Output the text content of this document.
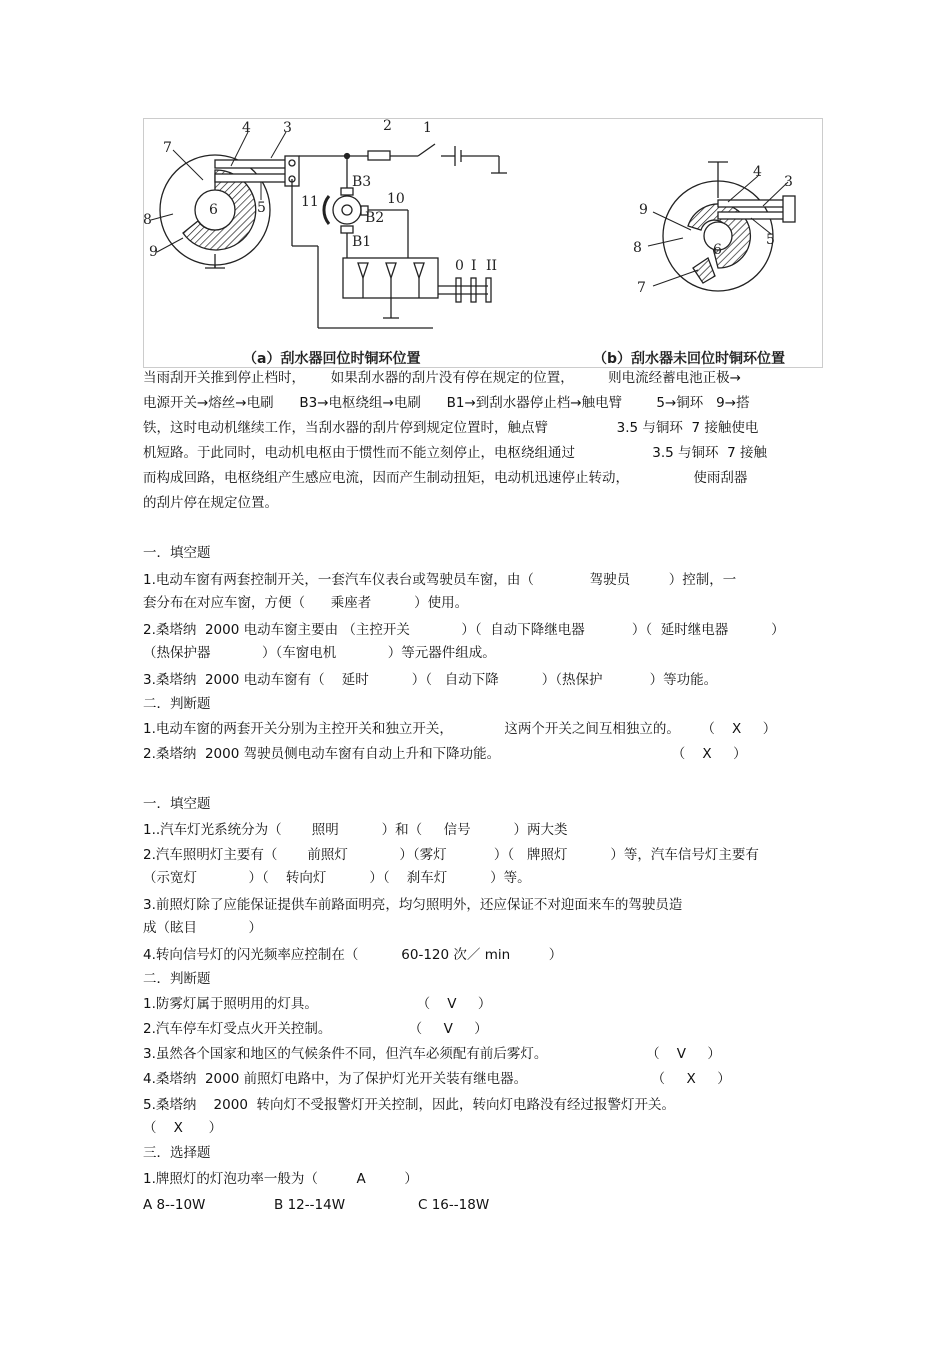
7
4 3	2 1
6	5
8
9
10
11
B3
B2
B1
0 I II
4
3
5
6
9
8
7
（a）刮水器回位时铜环位置	（b）刮水器未回位时铜环位置
当雨刮开关推到停止档时，      如果刮水器的刮片没有停在规定的位置，        则电流经蓄电池正极→
电源开关→熔丝→电刷      B3→电枢绕组→电刷      B1→到刮水器停止档→触电臂        5→铜环   9→搭
铁，这时电动机继续工作，当刮水器的刮片停到规定位置时，触点臂                3.5 与铜环  7 接触使电
机短路。于此同时，电动机电枢由于惯性而不能立刻停止，电枢绕组通过                  3.5 与铜环  7 接触
而构成回路，电枢绕组产生感应电流，因而产生制动扭矩，电动机迅速停止转动，               使雨刮器
的刮片停在规定位置。
一．填空题
1.电动车窗有两套控制开关，一套汽车仪表台或驾驶员车窗，由（             驾驶员         ）控制，一
套分布在对应车窗，方便（      乘座者          ）使用。
2.桑塔纳  2000 电动车窗主要由 （主控开关            ）（  自动下降继电器           ）（  延时继电器          ）
（热保护器            ）（车窗电机            ）等元器件组成。
3.桑塔纳  2000 电动车窗有（    延时          ）（   自动下降          ）（热保护           ）等功能。
二．判断题
1.电动车窗的两套开关分别为主控开关和独立开关，            这两个开关之间互相独立的。     （    X     ）
2.桑塔纳  2000 驾驶员侧电动车窗有自动上升和下降功能。                                        （    X     ）
一．填空题
1..汽车灯光系统分为（       照明          ）和（     信号          ）两大类
2.汽车照明灯主要有（       前照灯            ）（雾灯           ）（   牌照灯          ）等，汽车信号灯主要有
（示宽灯            ）（    转向灯          ）（    刹车灯          ）等。
3.前照灯除了应能保证提供车前路面明亮，均匀照明外，还应保证不对迎面来车的驾驶员造
成（眩目            ）
4.转向信号灯的闪光频率应控制在（          60-120 次／ min         ）
二．判断题
1.防雾灯属于照明用的灯具。                       （    V     ）
2.汽车停车灯受点火开关控制。                  （     V     ）
3.虽然各个国家和地区的气候条件不同，但汽车必须配有前后雾灯。                       （    V     ）
4.桑塔纳  2000 前照灯电路中，为了保护灯光开关装有继电器。                             （     X     ）
5.桑塔纳    2000  转向灯不受报警灯开关控制，因此，转向灯电路没有经过报警灯开关。
（    X      ）
三．选择题
1.牌照灯的灯泡功率一般为（         A         ）
A 8--10W                B 12--14W                 C 16--18W
